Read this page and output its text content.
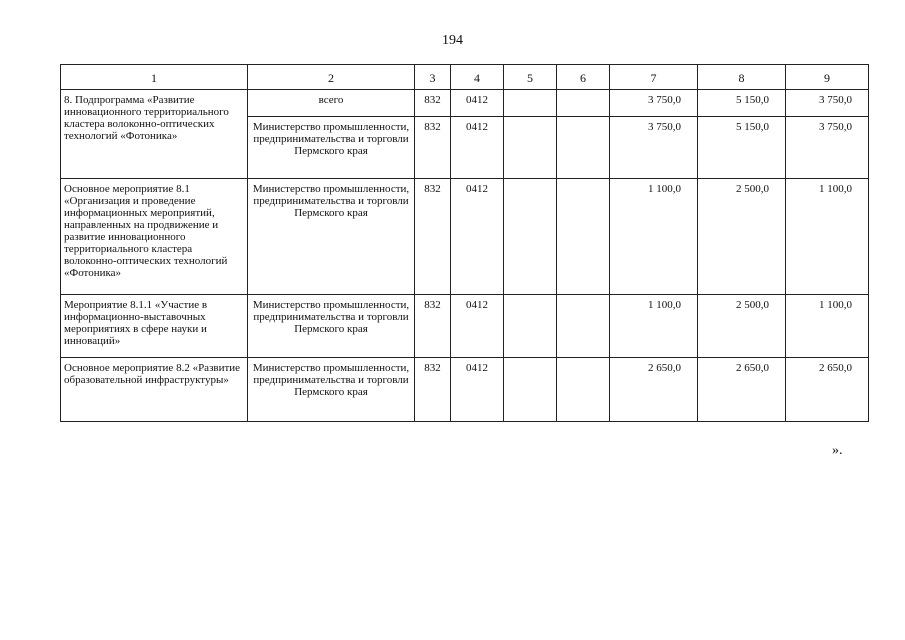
194
1	2	3	4	5	6	7	8	9
8. Подпрограмма «Развитие инновационного территориального кластера волоконно-оптических технологий «Фотоника»	всего	832	0412			3 750,0	5 150,0	3 750,0
	Министерство промышленности, предпринимательства и торговли Пермского края	832	0412			3 750,0	5 150,0	3 750,0
Основное мероприятие 8.1 «Организация и проведение информационных мероприятий, направленных на продвижение и развитие инновационного территориального кластера волоконно-оптических технологий «Фотоника»	Министерство промышленности, предпринимательства и торговли Пермского края	832	0412			1 100,0	2 500,0	1 100,0
Мероприятие 8.1.1 «Участие в информационно-выставочных мероприятиях в сфере науки и инноваций»	Министерство промышленности, предпринимательства и торговли Пермского края	832	0412			1 100,0	2 500,0	1 100,0
Основное мероприятие 8.2 «Развитие образовательной инфраструктуры»	Министерство промышленности, предпринимательства и торговли Пермского края	832	0412			2 650,0	2 650,0	2 650,0
».
